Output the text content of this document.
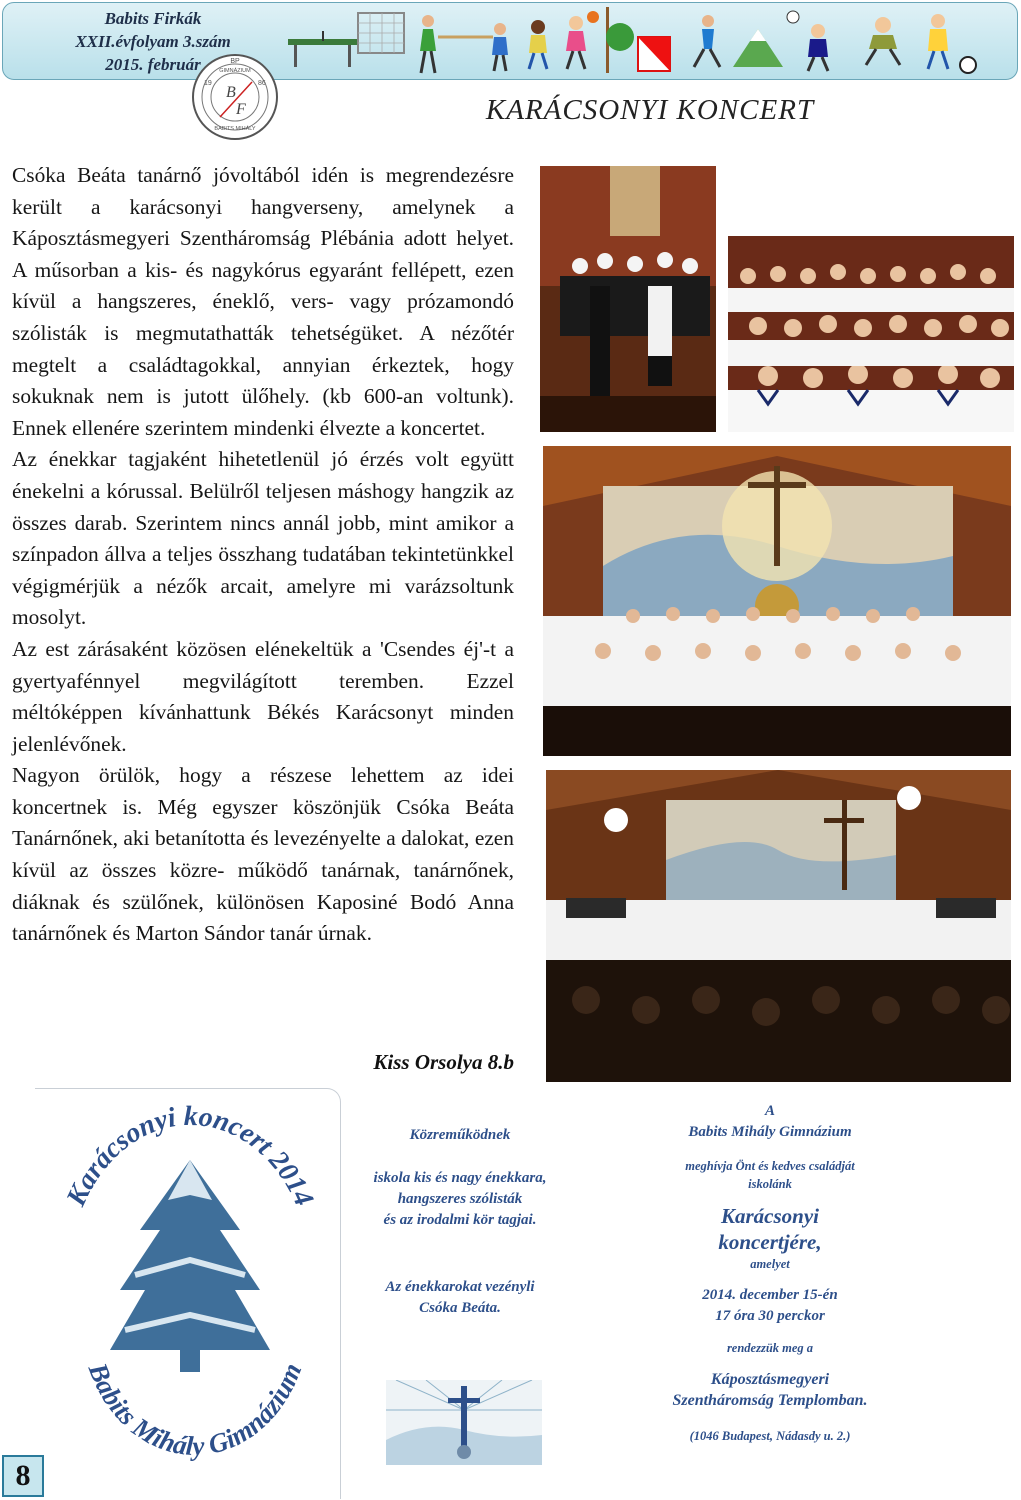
Babits Firkák
XXII.évfolyam 3.szám
2015. február	BP
19	86
GIMNÁZIUM
BABITS MIHÁLY
B
F	KARÁCSONYI KONCERT

Csóka Beáta tanárnő jóvoltából idén is megrendezésre került a karácsonyi hangverseny, amelynek a Káposztásmegyeri Szentháromság Plébánia adott helyet. A műsorban a kis- és nagykórus egyaránt fellépett, ezen kívül a hangszeres, éneklő, vers- vagy prózamondó szólisták is megmutathatták tehetségüket. A nézőtér megtelt a családtagokkal, annyian érkeztek, hogy sokuknak nem is jutott ülőhely. (kb 600-an voltunk). Ennek ellenére szerintem mindenki élvezte a koncertet.

Az énekkar tagjaként hihetetlenül jó érzés volt együtt énekelni a kórussal. Belülről teljesen máshogy hangzik az összes darab. Szerintem nincs annál jobb, mint amikor a színpadon állva a teljes összhang tudatában tekintetünkkel végigmérjük a nézők arcait, amelyre mi varázsoltunk mosolyt.

Az est zárásaként közösen elénekeltük a 'Csendes éj'-t a gyertyafénnyel megvilágított teremben. Ezzel méltóképpen kívánhattunk Békés Karácsonyt minden jelenlévőnek.

Nagyon örülök, hogy a részese lehettem az idei koncertnek is. Még egyszer köszönjük Csóka Beáta Tanárnőnek, aki betanította és levezényelte a dalokat, ezen kívül az összes közre- működő tanárnak, tanárnőnek, diáknak és szülőnek, különösen Kaposiné Bodó Anna tanárnőnek és Marton Sándor tanár úrnak.

Kiss Orsolya 8.b
Karácsonyi koncert 2014
Babits Mihály Gimnázium
Közreműködnek
iskola kis és nagy énekkara,
hangszeres szólisták
és az irodalmi kör tagjai.
Az énekkarokat vezényli
Csóka Beáta.
A
Babits Mihály Gimnázium
meghívja Önt és kedves családját
iskolánk
Karácsonyi
koncertjére,
amelyet
2014. december 15-én
17 óra 30 perckor
rendezzük meg a
Káposztásmegyeri
Szentháromság Templomban.
(1046 Budapest, Nádasdy u. 2.)
8
